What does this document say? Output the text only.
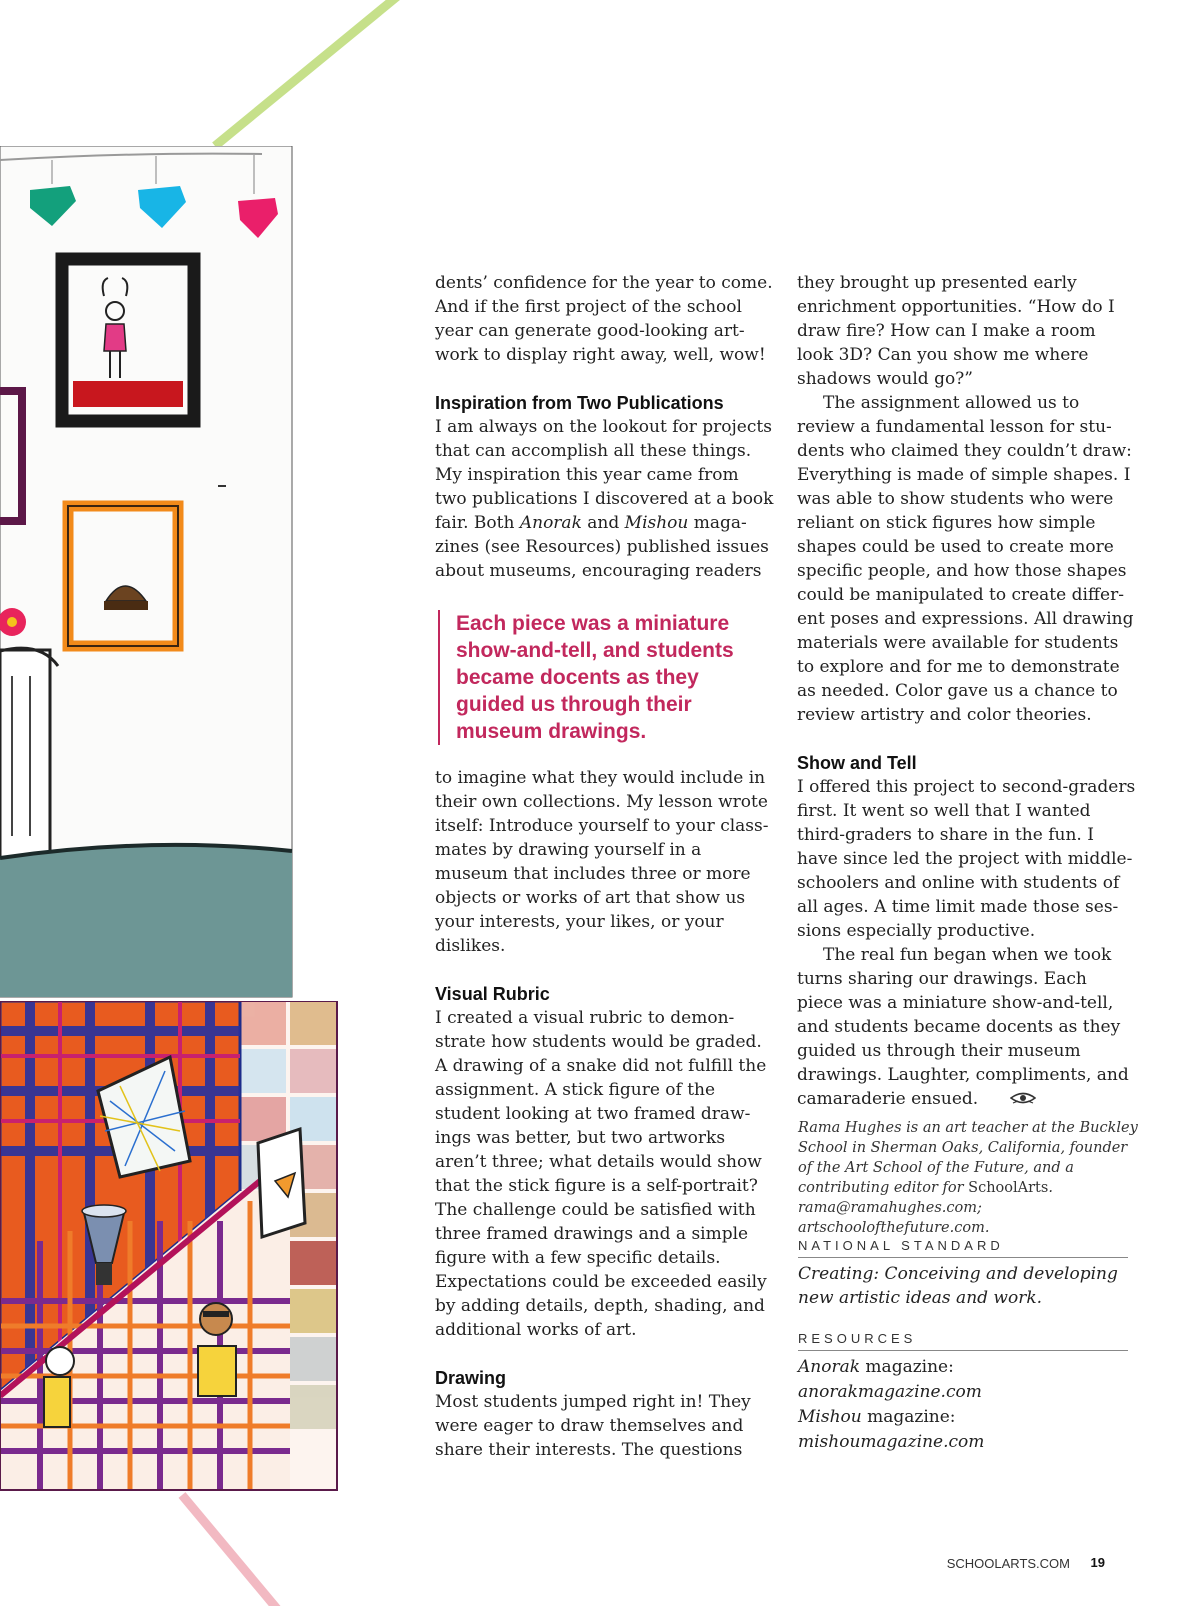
dents’ confidence for the year to come. And if the first project of the school year can generate good-looking artwork to display right away, well, wow!

Inspiration from Two Publications

I am always on the lookout for projects that can accomplish all these things. My inspiration this year came from two publications I discovered at a book fair. Both Anorak and Mishou magazines (see Resources) published issues about museums, encouraging readers

Each piece was a miniature show-and-tell, and students became docents as they guided us through their museum drawings.

to imagine what they would include in their own collections. My lesson wrote itself: Introduce yourself to your classmates by drawing yourself in a museum that includes three or more objects or works of art that show us your interests, your likes, or your dislikes.

Visual Rubric

I created a visual rubric to demonstrate how students would be graded. A drawing of a snake did not fulfill the assignment. A stick figure of the student looking at two framed drawings was better, but two artworks aren’t three; what details would show that the stick figure is a self-portrait? The challenge could be satisfied with three framed drawings and a simple figure with a few specific details. Expectations could be exceeded easily by adding details, depth, shading, and additional works of art.

Drawing

Most students jumped right in! They were eager to draw themselves and share their interests. The questions

they brought up presented early enrichment opportunities. “How do I draw fire? How can I make a room look 3D? Can you show me where shadows would go?”

The assignment allowed us to review a fundamental lesson for students who claimed they couldn’t draw: Everything is made of simple shapes. I was able to show students who were reliant on stick figures how simple shapes could be used to create more specific people, and how those shapes could be manipulated to create different poses and expressions. All drawing materials were available for students to explore and for me to demonstrate as needed. Color gave us a chance to review artistry and color theories.

Show and Tell

I offered this project to second-graders first. It went so well that I wanted third-graders to share in the fun. I have since led the project with middle-schoolers and online with students of all ages. A time limit made those sessions especially productive.

The real fun began when we took turns sharing our drawings. Each piece was a miniature show-and-tell, and students became docents as they guided us through their museum drawings. Laughter, compliments, and camaraderie ensued.

Rama Hughes is an art teacher at the Buckley School in Sherman Oaks, California, founder of the Art School of the Future, and a contributing editor for SchoolArts. rama@ramahughes.com; artschoolofthefuture.com.
NATIONAL STANDARD
Creating: Conceiving and developing new artistic ideas and work.
RESOURCES
Anorak magazine: anorakmagazine.com
Mishou magazine: mishoumagazine.com
SCHOOLARTS.COM 19
